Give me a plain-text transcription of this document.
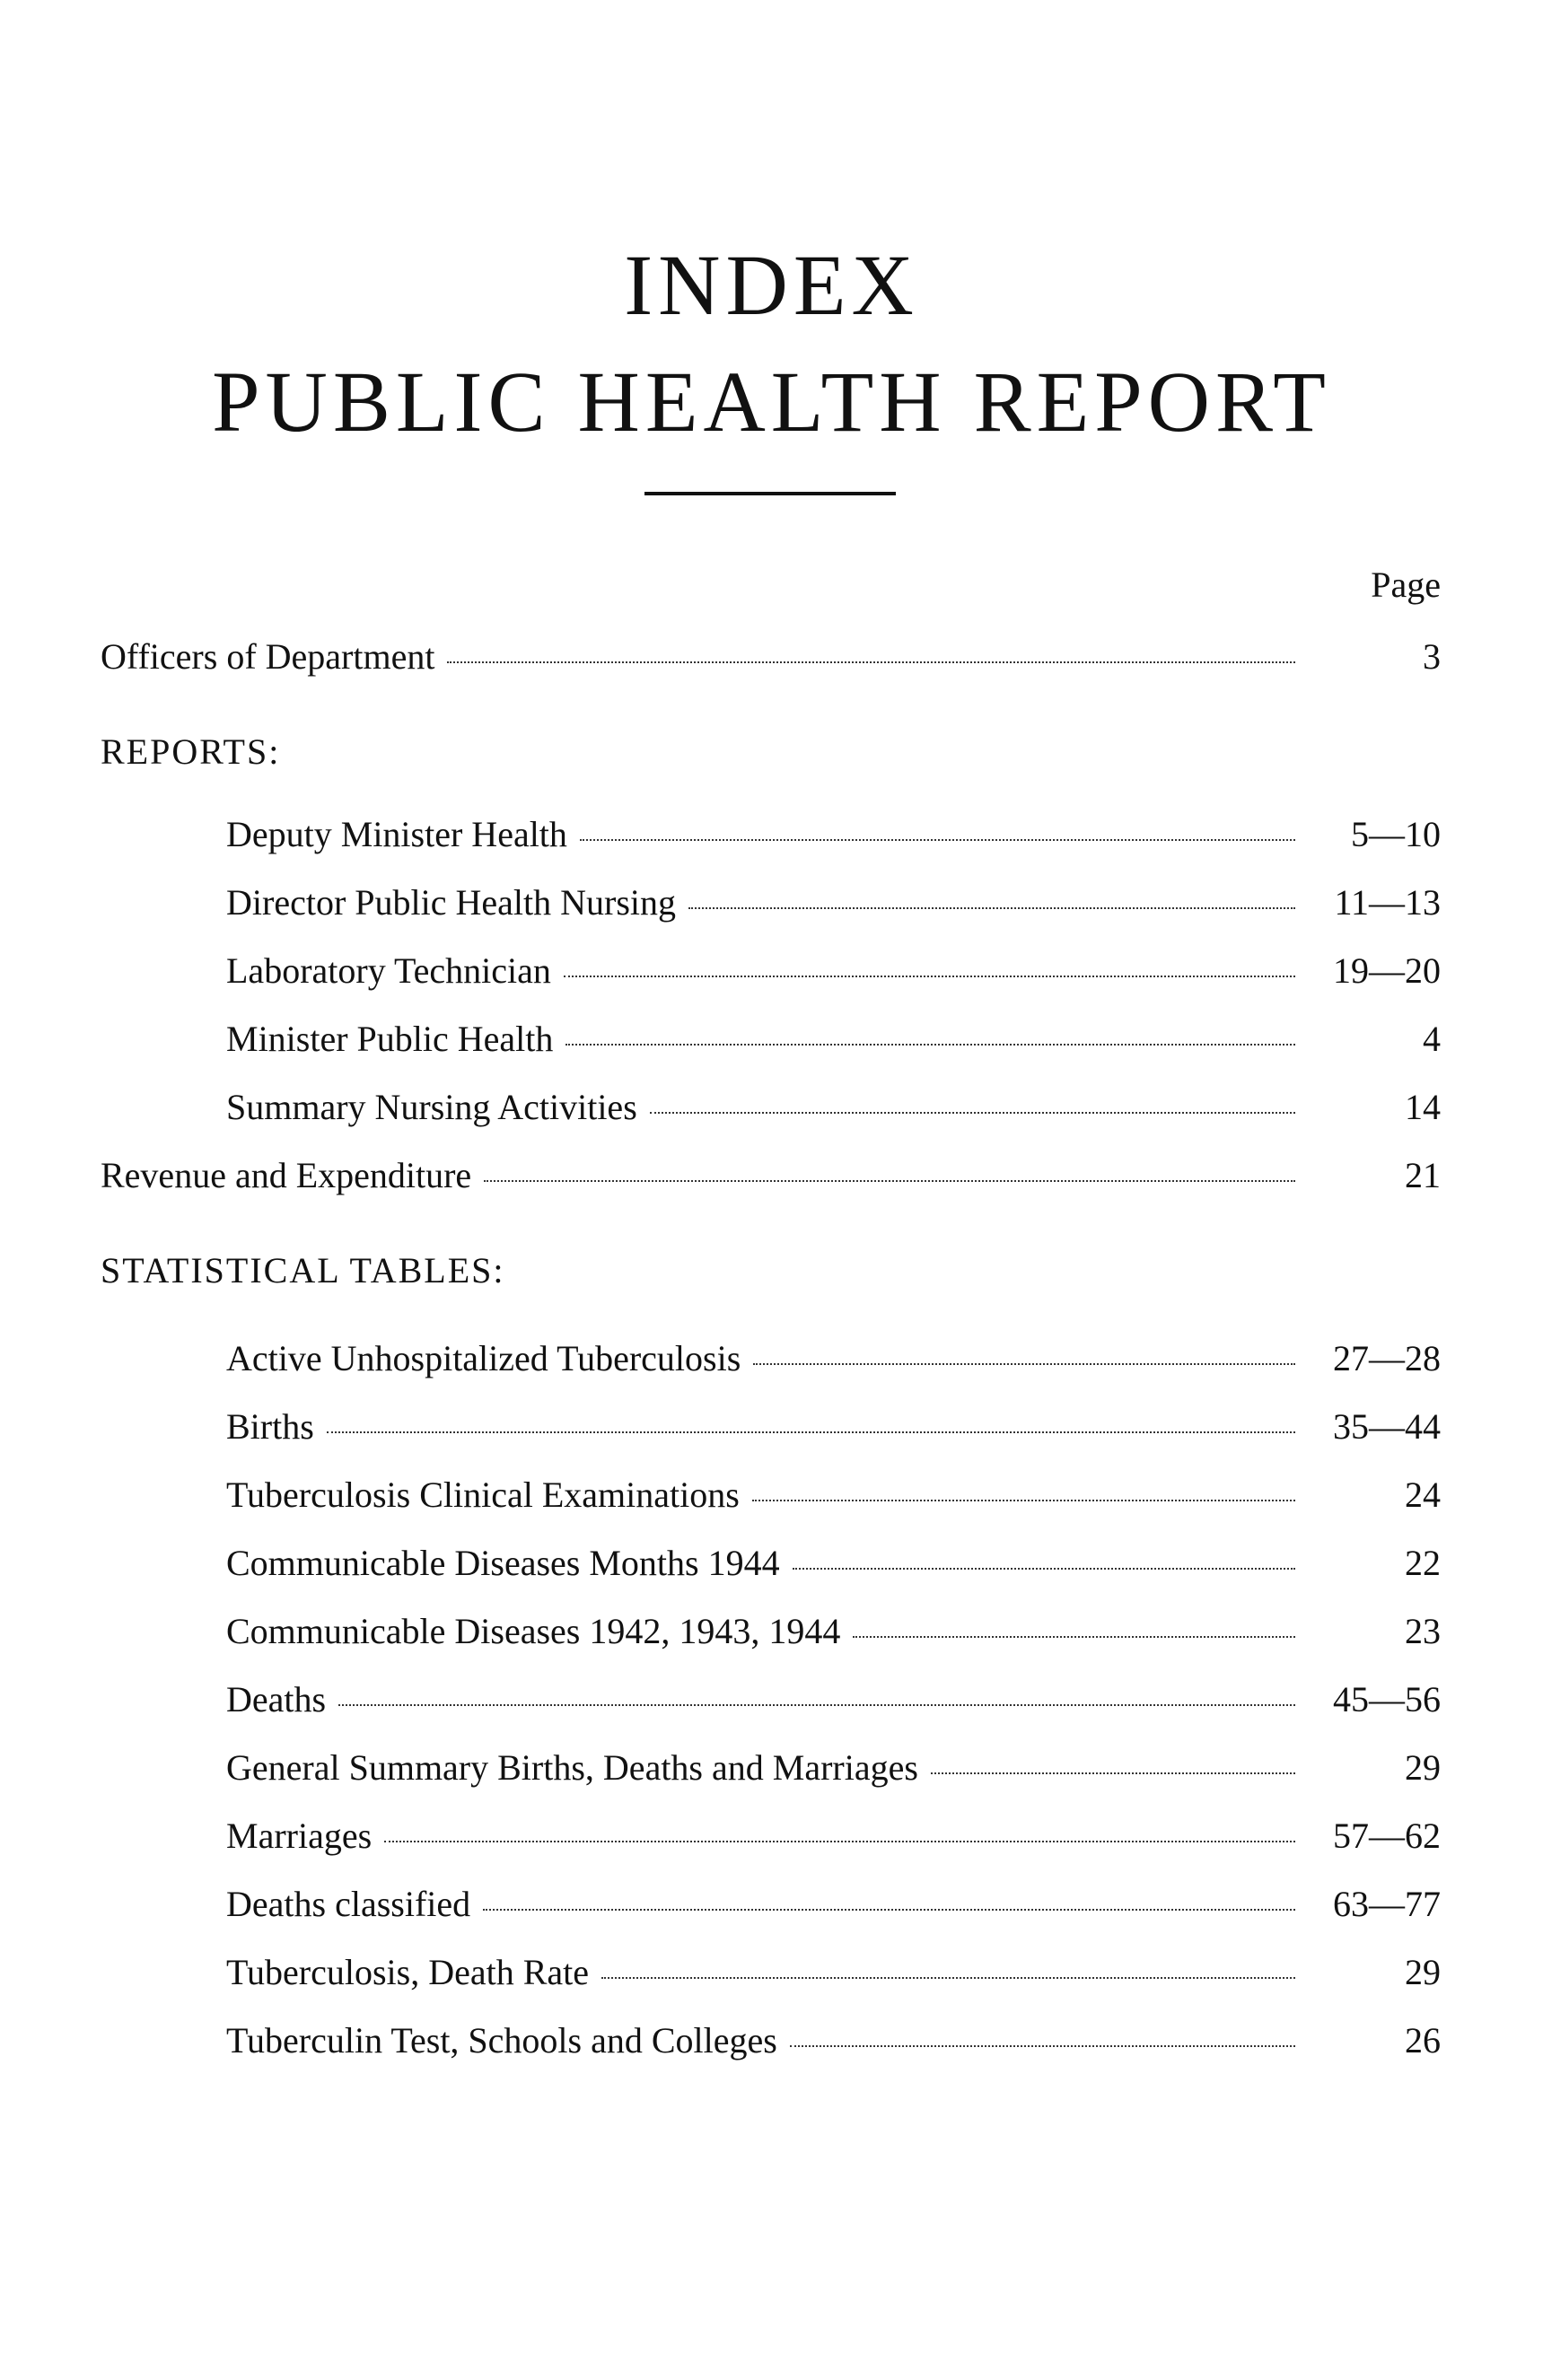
INDEX
PUBLIC HEALTH REPORT
Page
Officers of Department	3
REPORTS:
Deputy Minister Health	5—10
Director Public Health Nursing	11—13
Laboratory Technician	19—20
Minister Public Health	4
Summary Nursing Activities	14
Revenue and Expenditure	21
STATISTICAL TABLES:
Active Unhospitalized Tuberculosis	27—28
Births	35—44
Tuberculosis Clinical Examinations	24
Communicable Diseases Months 1944	22
Communicable Diseases 1942, 1943, 1944	23
Deaths	45—56
General Summary Births, Deaths and Marriages	29
Marriages	57—62
Deaths classified	63—77
Tuberculosis, Death Rate	29
Tuberculin Test, Schools and Colleges	26
